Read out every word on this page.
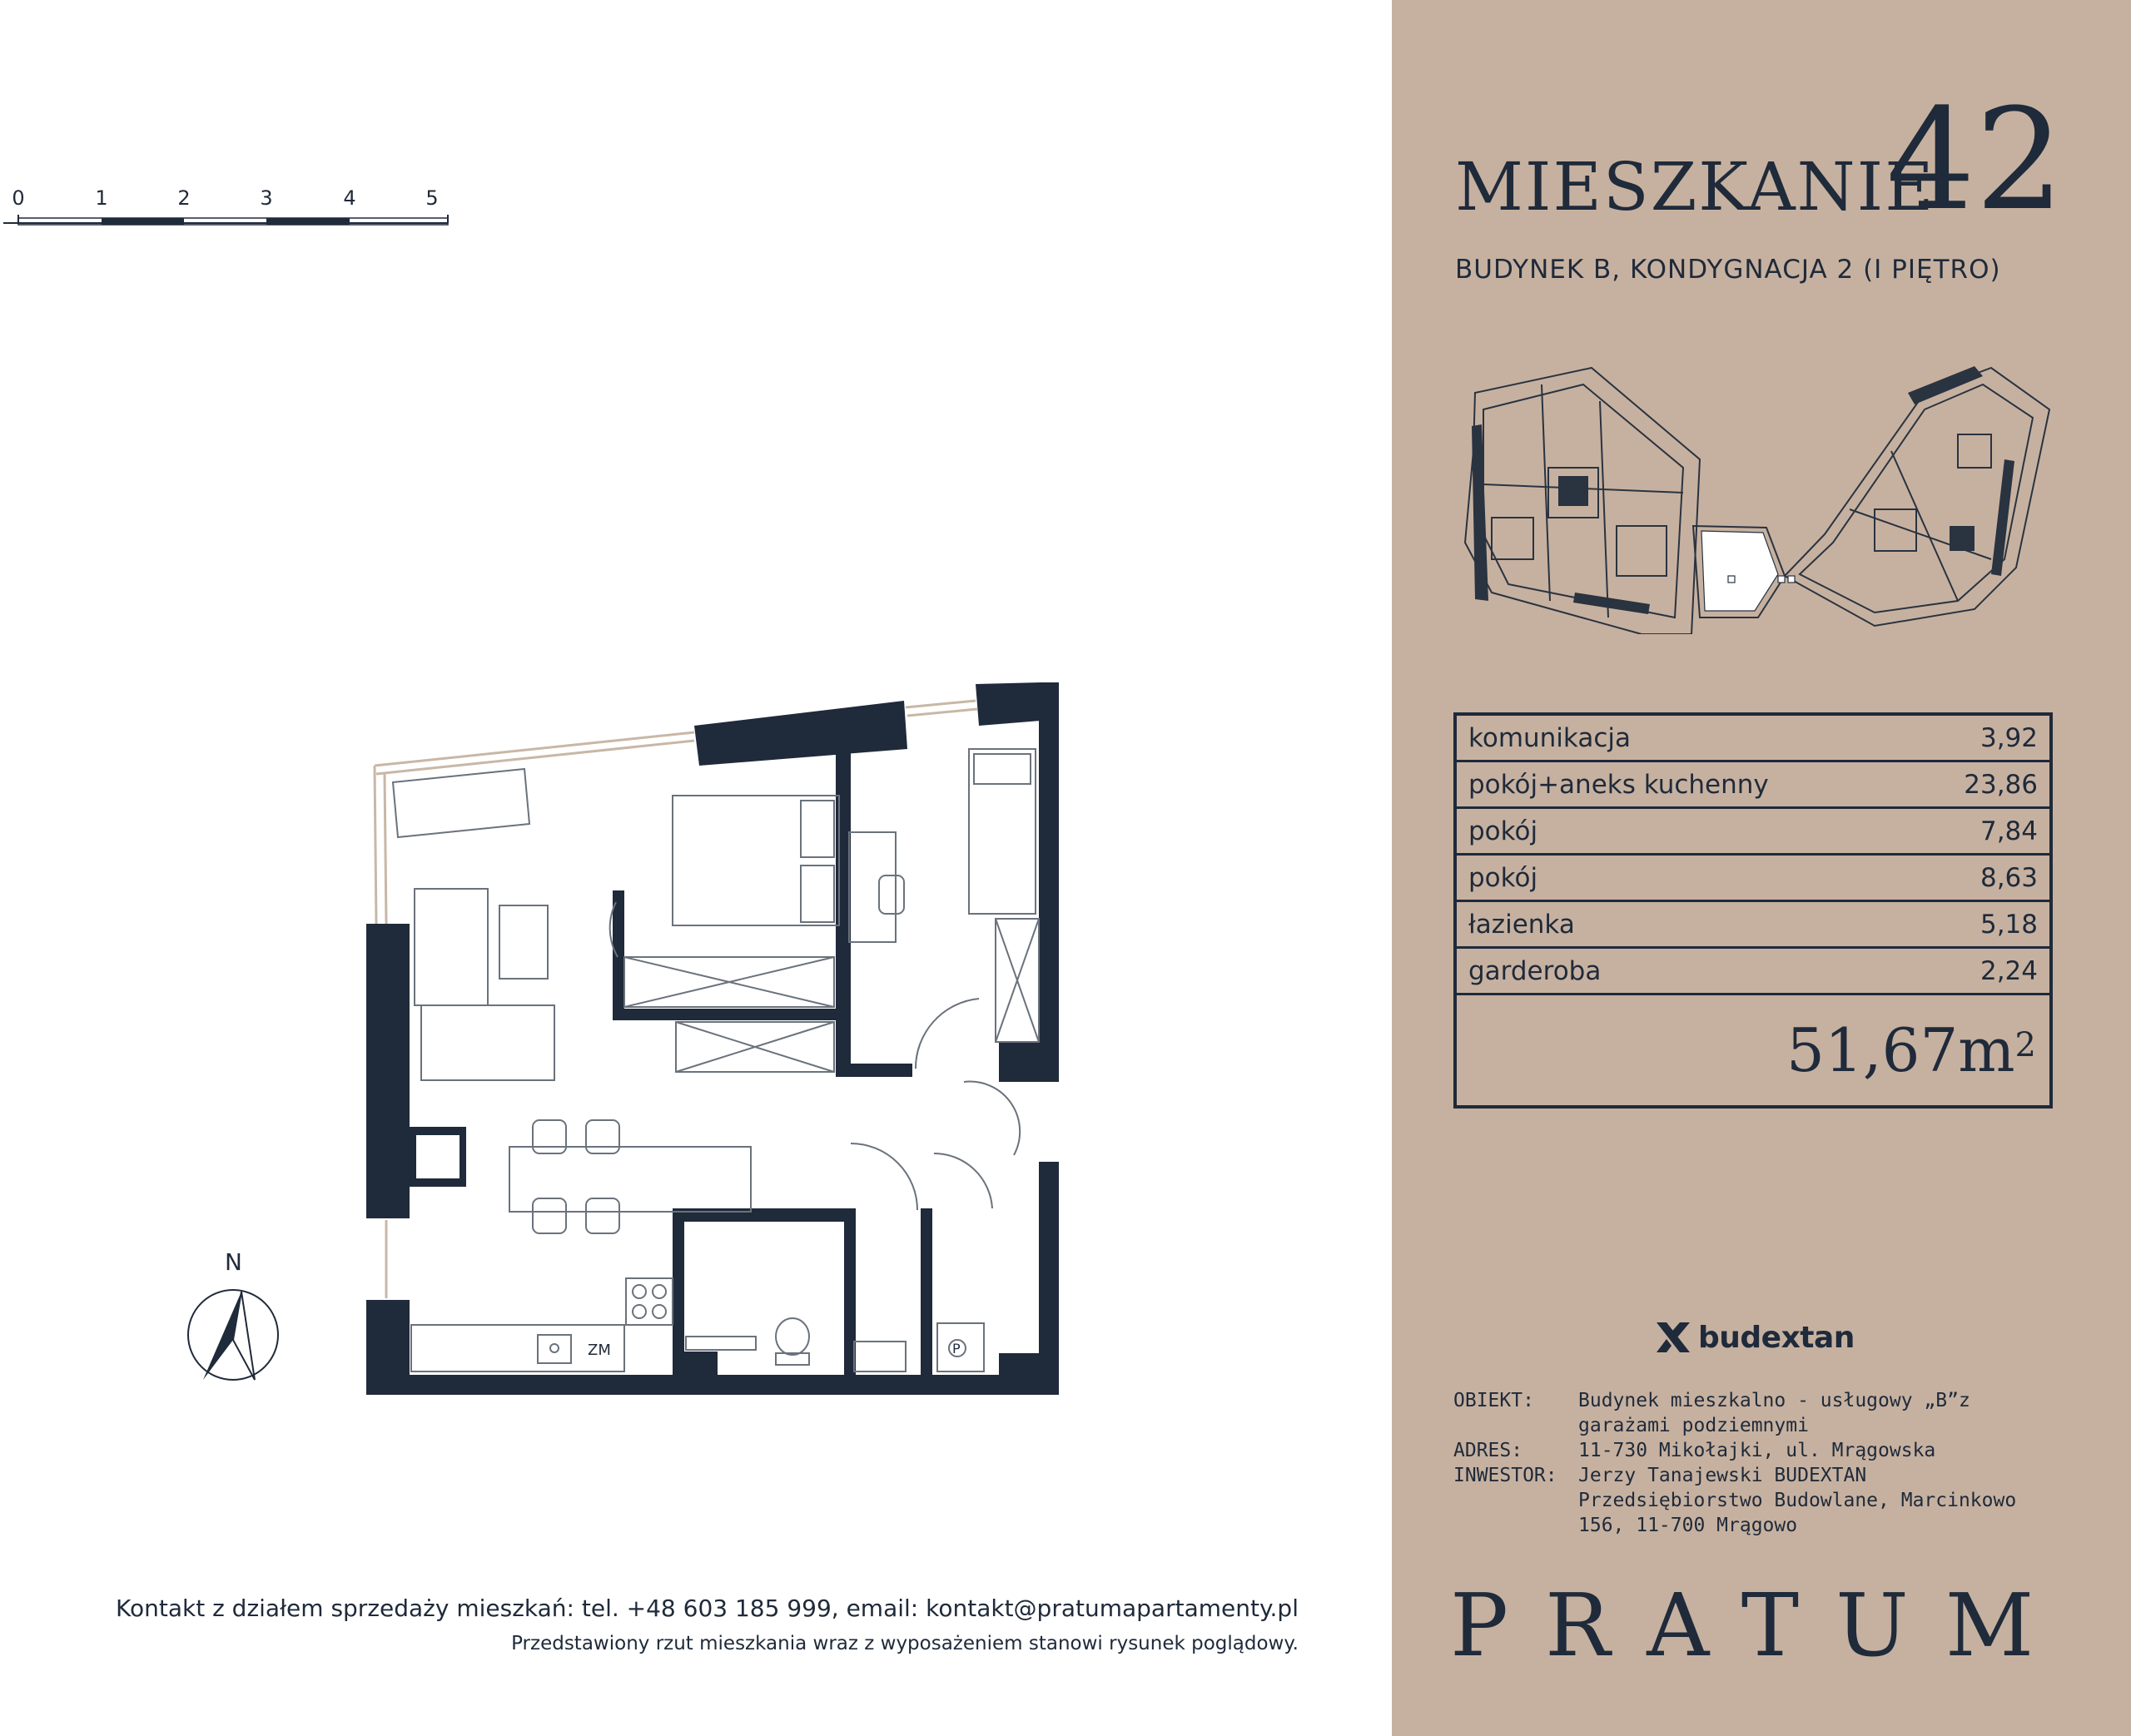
0	1	2	3	4	5
ZM	P
N
Kontakt z działem sprzedaży mieszkań: tel. +48 603 185 999, email: kontakt@pratumapartamenty.pl
Przedstawiony rzut mieszkania wraz z wyposażeniem stanowi rysunek poglądowy.
MIESZKANIE
42
BUDYNEK B, KONDYGNACJA 2 (I PIĘTRO)
komunikacja	3,92
pokój+aneks kuchenny	23,86
pokój	7,84
pokój	8,63
łazienka	5,18
garderoba	2,24
$51,67m^2$
budextan
OBIEKT:	Budynek mieszkalno - usługowy „B”z garażami podziemnymi
ADRES:	11-730 Mikołajki, ul. Mrągowska
INWESTOR:	Jerzy Tanajewski BUDEXTAN Przedsiębiorstwo Budowlane, Marcinkowo 156, 11-700 Mrągowo
PRATUM
